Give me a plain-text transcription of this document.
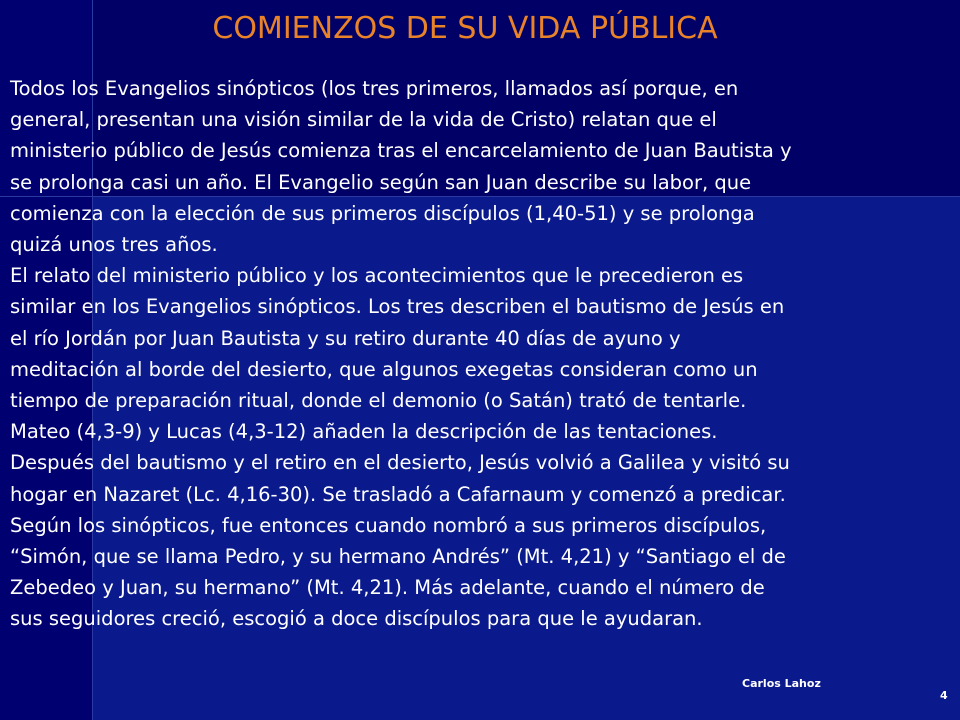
COMIENZOS DE SU VIDA PÚBLICA

Todos los Evangelios sinópticos (los tres primeros, llamados así porque, en

general, presentan una visión similar de la vida de Cristo) relatan que el

ministerio público de Jesús comienza tras el encarcelamiento de Juan Bautista y

se prolonga casi un año. El Evangelio según san Juan describe su labor, que

comienza con la elección de sus primeros discípulos (1,40-51) y se prolonga

quizá unos tres años.

El relato del ministerio público y los acontecimientos que le precedieron es

similar en los Evangelios sinópticos. Los tres describen el bautismo de Jesús en

el río Jordán por Juan Bautista y su retiro durante 40 días de ayuno y

meditación al borde del desierto, que algunos exegetas consideran como un

tiempo de preparación ritual, donde el demonio (o Satán) trató de tentarle.

Mateo (4,3-9) y Lucas (4,3-12) añaden la descripción de las tentaciones.

Después del bautismo y el retiro en el desierto, Jesús volvió a Galilea y visitó su

hogar en Nazaret (Lc. 4,16-30). Se trasladó a Cafarnaum y comenzó a predicar.

Según los sinópticos, fue entonces cuando nombró a sus primeros discípulos,

“Simón, que se llama Pedro, y su hermano Andrés” (Mt. 4,21) y “Santiago el de

Zebedeo y Juan, su hermano” (Mt. 4,21). Más adelante, cuando el número de

sus seguidores creció, escogió a doce discípulos para que le ayudaran.

Carlos Lahoz
4
